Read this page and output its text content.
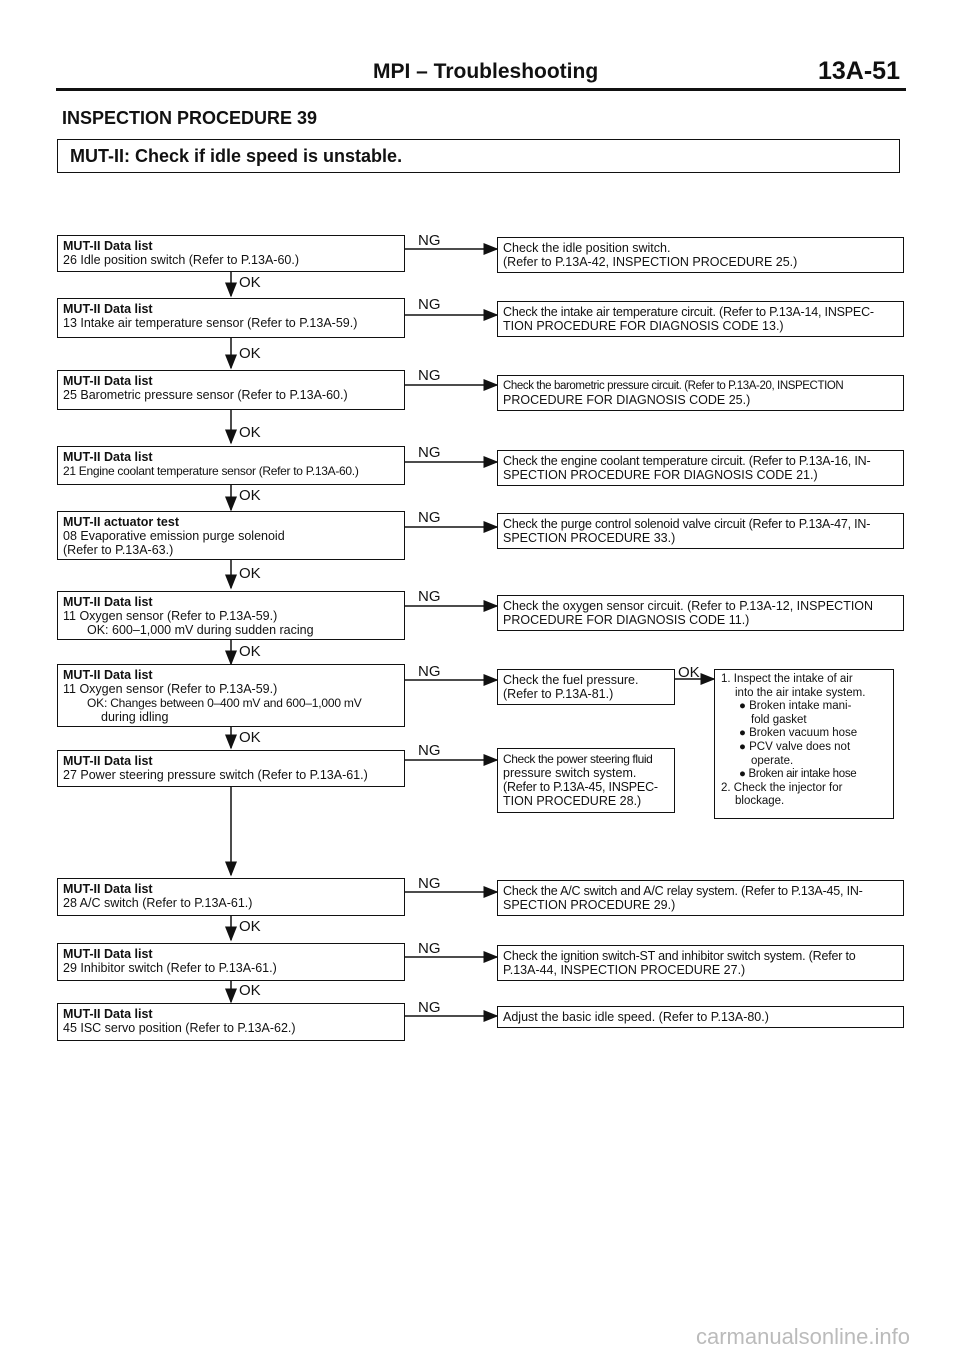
MPI – Troubleshooting	13A-51
INSPECTION PROCEDURE 39
MUT-II: Check if idle speed is unstable.
OK
OK
OK
OK
OK
OK
OK
OK
OK
OK
NG
NG
NG
NG
NG
NG
NG
NG
NG
NG
NG
MUT-II Data list
26 Idle position switch (Refer to P.13A-60.)
MUT-II Data list
13 Intake air temperature sensor (Refer to P.13A-59.)
MUT-II Data list
25 Barometric pressure sensor (Refer to P.13A-60.)
MUT-II Data list
21 Engine coolant temperature sensor (Refer to P.13A-60.)
MUT-II actuator test
08 Evaporative emission purge solenoid
(Refer to P.13A-63.)
MUT-II Data list
11 Oxygen sensor (Refer to P.13A-59.)
OK: 600–1,000 mV during sudden racing
MUT-II Data list
11 Oxygen sensor (Refer to P.13A-59.)
OK: Changes between 0–400 mV and 600–1,000 mV
during idling
MUT-II Data list
27 Power steering pressure switch (Refer to P.13A-61.)
MUT-II Data list
28 A/C switch (Refer to P.13A-61.)
MUT-II Data list
29 Inhibitor switch (Refer to P.13A-61.)
MUT-II Data list
45 ISC servo position (Refer to P.13A-62.)
Check the idle position switch.
(Refer to P.13A-42, INSPECTION PROCEDURE 25.)
Check the intake air temperature circuit. (Refer to P.13A-14, INSPEC-
TION PROCEDURE FOR DIAGNOSIS CODE 13.)
Check the barometric pressure circuit. (Refer to P.13A-20, INSPECTION
PROCEDURE FOR DIAGNOSIS CODE 25.)
Check the engine coolant temperature circuit. (Refer to P.13A-16, IN-
SPECTION PROCEDURE FOR DIAGNOSIS CODE 21.)
Check the purge control solenoid valve circuit (Refer to P.13A-47, IN-
SPECTION PROCEDURE 33.)
Check the oxygen sensor circuit. (Refer to P.13A-12, INSPECTION
PROCEDURE FOR DIAGNOSIS CODE 11.)
Check the fuel pressure.
(Refer to P.13A-81.)
Check the power steering fluid
pressure switch system.
(Refer to P.13A-45, INSPEC-
TION PROCEDURE 28.)
Check the A/C switch and A/C relay system. (Refer to P.13A-45, IN-
SPECTION PROCEDURE 29.)
Check the ignition switch-ST and inhibitor switch system. (Refer to
P.13A-44, INSPECTION PROCEDURE 27.)
Adjust the basic idle speed. (Refer to P.13A-80.)
1. Inspect the intake of air
into the air intake system.
● Broken intake mani-
fold gasket
● Broken vacuum hose
● PCV valve does not
operate.
● Broken air intake hose
2. Check the injector for
blockage.
carmanualsonline.info
